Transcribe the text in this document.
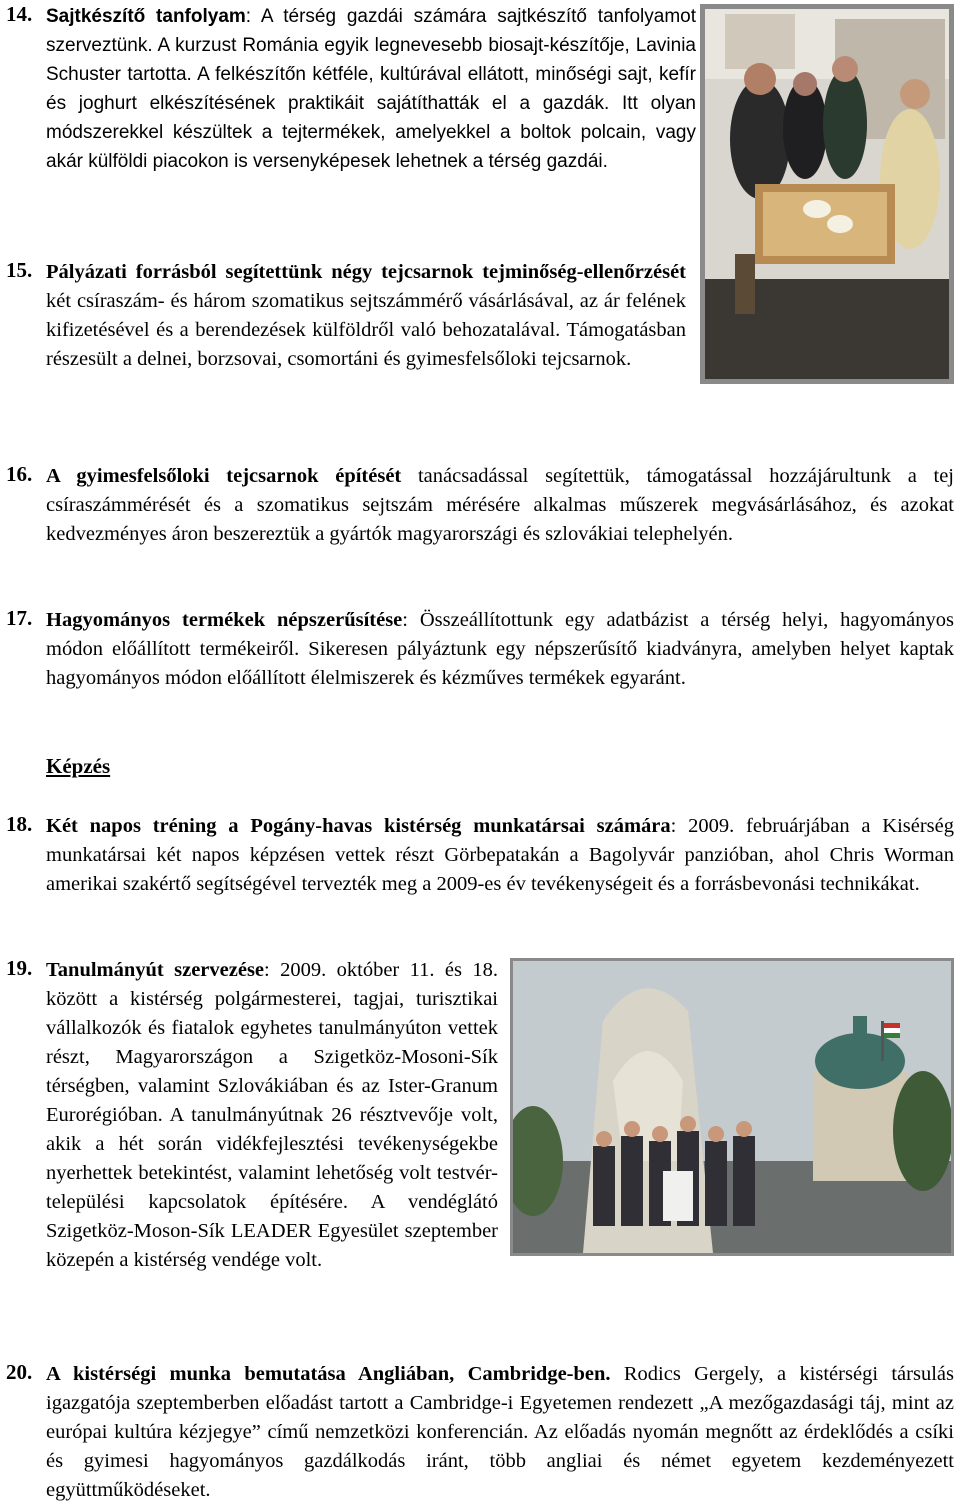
14. Sajtkészítő tanfolyam: A térség gazdái számára sajtkészítő tanfolyamot szerveztünk. A kurzust Románia egyik legnevesebb biosajt-készítője, Lavinia Schuster tartotta. A felkészítőn kétféle, kultúrával ellátott, minőségi sajt, kefír és joghurt elkészítésének praktikáit sajátíthatták el a gazdák. Itt olyan módszerekkel készültek a tejtermékek, amelyekkel a boltok polcain, vagy akár külföldi piacokon is versenyképesek lehetnek a térség gazdái.
15. Pályázati forrásból segítettünk négy tejcsarnok tejminőség-ellenőrzését két csíraszám- és három szomatikus sejtszámmérő vásárlásával, az ár felének kifizetésével és a berendezések külföldről való behozatalával. Támogatásban részesült a delnei, borzsovai, csomortáni és gyimesfelsőloki tejcsarnok.
16. A gyimesfelsőloki tejcsarnok építését tanácsadással segítettük, támogatással hozzájárultunk a tej csíraszámmérését és a szomatikus sejtszám mérésére alkalmas műszerek megvásárlásához, és azokat kedvezményes áron beszereztük a gyártók magyarországi és szlovákiai telephelyén.
17. Hagyományos termékek népszerűsítése: Összeállítottunk egy adatbázist a térség helyi, hagyományos módon előállított termékeiről. Sikeresen pályáztunk egy népszerűsítő kiadványra, amelyben helyet kaptak hagyományos módon előállított élelmiszerek és kézműves termékek egyaránt.
Képzés
18. Két napos tréning a Pogány-havas kistérség munkatársai számára: 2009. februárjában a Kisérség munkatársai két napos képzésen vettek részt Görbepatakán a Bagolyvár panzióban, ahol Chris Worman amerikai szakértő segítségével tervezték meg a 2009-es év tevékenységeit és a forrásbevonási technikákat.
19. Tanulmányút szervezése: 2009. október 11. és 18. között a kistérség polgármesterei, tagjai, turisztikai vállalkozók és fiatalok egyhetes tanulmányúton vettek részt, Magyarországon a Szigetköz-Mosoni-Sík térségben, valamint Szlovákiában és az Ister-Granum Eurorégióban. A tanulmányútnak 26 résztvevője volt, akik a hét során vidékfejlesztési tevékenységekbe nyerhettek betekintést, valamint lehetőség volt testvér-települési kapcsolatok építésére. A vendéglátó Szigetköz-Moson-Sík LEADER Egyesület szeptember közepén a kistérség vendége volt.
20. A kistérségi munka bemutatása Angliában, Cambridge-ben. Rodics Gergely, a kistérségi társulás igazgatója szeptemberben előadást tartott a Cambridge-i Egyetemen rendezett „A mezőgazdasági táj, mint az európai kultúra kézjegye” című nemzetközi konferencián. Az előadás nyomán megnőtt az érdeklődés a csíki és gyimesi hagyományos gazdálkodás iránt, több angliai és német egyetem kezdeményezett együttműködéseket.
